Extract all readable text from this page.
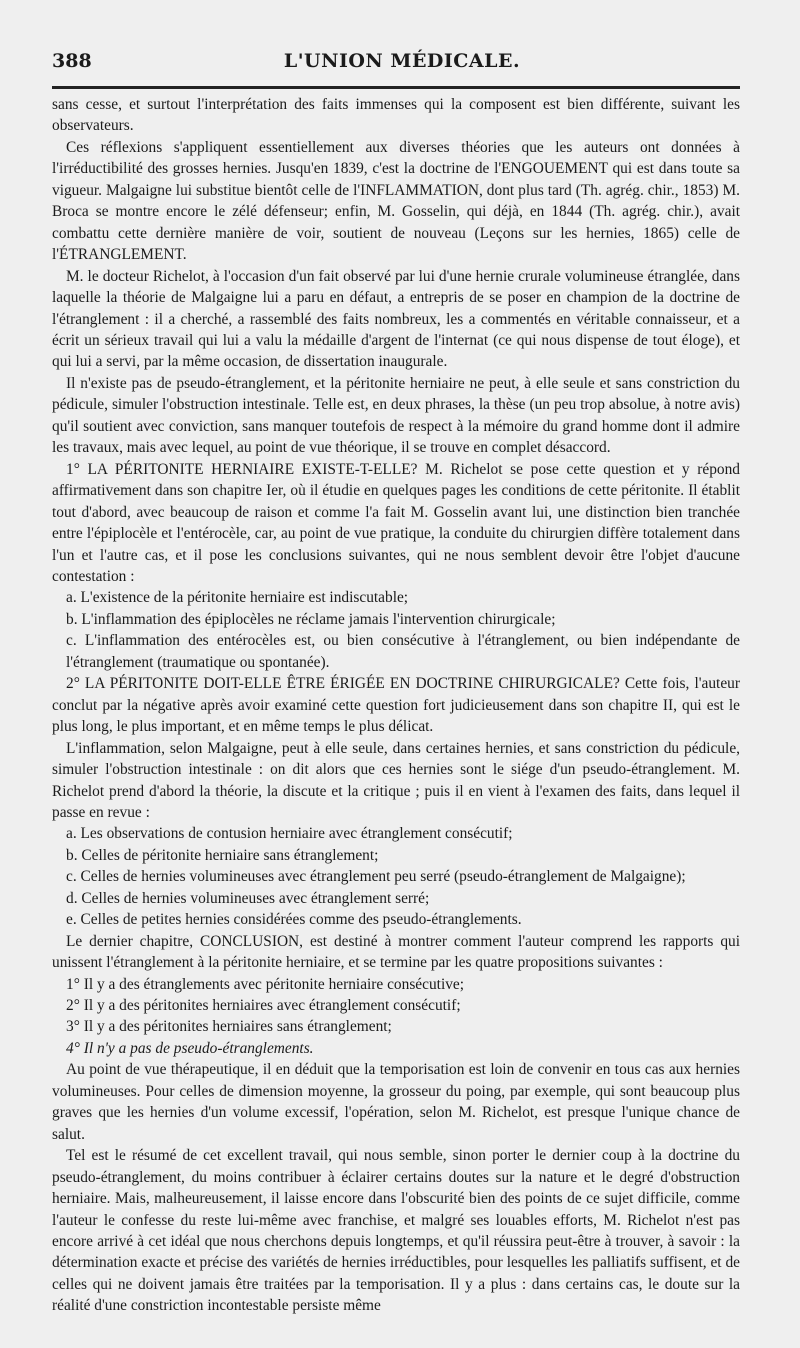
388	L'UNION MÉDICALE.

sans cesse, et surtout l'interprétation des faits immenses qui la composent est bien différente, suivant les observateurs.

Ces réflexions s'appliquent essentiellement aux diverses théories que les auteurs ont données à l'irréductibilité des grosses hernies. Jusqu'en 1839, c'est la doctrine de l'ENGOUEMENT qui est dans toute sa vigueur. Malgaigne lui substitue bientôt celle de l'INFLAMMATION, dont plus tard (Th. agrég. chir., 1853) M. Broca se montre encore le zélé défenseur; enfin, M. Gosselin, qui déjà, en 1844 (Th. agrég. chir.), avait combattu cette dernière manière de voir, soutient de nouveau (Leçons sur les hernies, 1865) celle de l'ÉTRANGLEMENT.

M. le docteur Richelot, à l'occasion d'un fait observé par lui d'une hernie crurale volumineuse étranglée, dans laquelle la théorie de Malgaigne lui a paru en défaut, a entrepris de se poser en champion de la doctrine de l'étranglement : il a cherché, a rassemblé des faits nombreux, les a commentés en véritable connaisseur, et a écrit un sérieux travail qui lui a valu la médaille d'argent de l'internat (ce qui nous dispense de tout éloge), et qui lui a servi, par la même occasion, de dissertation inaugurale.

Il n'existe pas de pseudo-étranglement, et la péritonite herniaire ne peut, à elle seule et sans constriction du pédicule, simuler l'obstruction intestinale. Telle est, en deux phrases, la thèse (un peu trop absolue, à notre avis) qu'il soutient avec conviction, sans manquer toutefois de respect à la mémoire du grand homme dont il admire les travaux, mais avec lequel, au point de vue théorique, il se trouve en complet désaccord.

1° LA PÉRITONITE HERNIAIRE EXISTE-T-ELLE? M. Richelot se pose cette question et y répond affirmativement dans son chapitre Ier, où il étudie en quelques pages les conditions de cette péritonite. Il établit tout d'abord, avec beaucoup de raison et comme l'a fait M. Gosselin avant lui, une distinction bien tranchée entre l'épiplocèle et l'entérocèle, car, au point de vue pratique, la conduite du chirurgien diffère totalement dans l'un et l'autre cas, et il pose les conclusions suivantes, qui ne nous semblent devoir être l'objet d'aucune contestation :

a. L'existence de la péritonite herniaire est indiscutable;

b. L'inflammation des épiplocèles ne réclame jamais l'intervention chirurgicale;

c. L'inflammation des entérocèles est, ou bien consécutive à l'étranglement, ou bien indépendante de l'étranglement (traumatique ou spontanée).

2° LA PÉRITONITE DOIT-ELLE ÊTRE ÉRIGÉE EN DOCTRINE CHIRURGICALE? Cette fois, l'auteur conclut par la négative après avoir examiné cette question fort judicieusement dans son chapitre II, qui est le plus long, le plus important, et en même temps le plus délicat.

L'inflammation, selon Malgaigne, peut à elle seule, dans certaines hernies, et sans constriction du pédicule, simuler l'obstruction intestinale : on dit alors que ces hernies sont le siége d'un pseudo-étranglement. M. Richelot prend d'abord la théorie, la discute et la critique ; puis il en vient à l'examen des faits, dans lequel il passe en revue :

a. Les observations de contusion herniaire avec étranglement consécutif;

b. Celles de péritonite herniaire sans étranglement;

c. Celles de hernies volumineuses avec étranglement peu serré (pseudo-étranglement de Malgaigne);

d. Celles de hernies volumineuses avec étranglement serré;

e. Celles de petites hernies considérées comme des pseudo-étranglements.

Le dernier chapitre, CONCLUSION, est destiné à montrer comment l'auteur comprend les rapports qui unissent l'étranglement à la péritonite herniaire, et se termine par les quatre propositions suivantes :

1° Il y a des étranglements avec péritonite herniaire consécutive;

2° Il y a des péritonites herniaires avec étranglement consécutif;

3° Il y a des péritonites herniaires sans étranglement;

4° Il n'y a pas de pseudo-étranglements.

Au point de vue thérapeutique, il en déduit que la temporisation est loin de convenir en tous cas aux hernies volumineuses. Pour celles de dimension moyenne, la grosseur du poing, par exemple, qui sont beaucoup plus graves que les hernies d'un volume excessif, l'opération, selon M. Richelot, est presque l'unique chance de salut.

Tel est le résumé de cet excellent travail, qui nous semble, sinon porter le dernier coup à la doctrine du pseudo-étranglement, du moins contribuer à éclairer certains doutes sur la nature et le degré d'obstruction herniaire. Mais, malheureusement, il laisse encore dans l'obscurité bien des points de ce sujet difficile, comme l'auteur le confesse du reste lui-même avec franchise, et malgré ses louables efforts, M. Richelot n'est pas encore arrivé à cet idéal que nous cherchons depuis longtemps, et qu'il réussira peut-être à trouver, à savoir : la détermination exacte et précise des variétés de hernies irréductibles, pour lesquelles les palliatifs suffisent, et de celles qui ne doivent jamais être traitées par la temporisation. Il y a plus : dans certains cas, le doute sur la réalité d'une constriction incontestable persiste même
